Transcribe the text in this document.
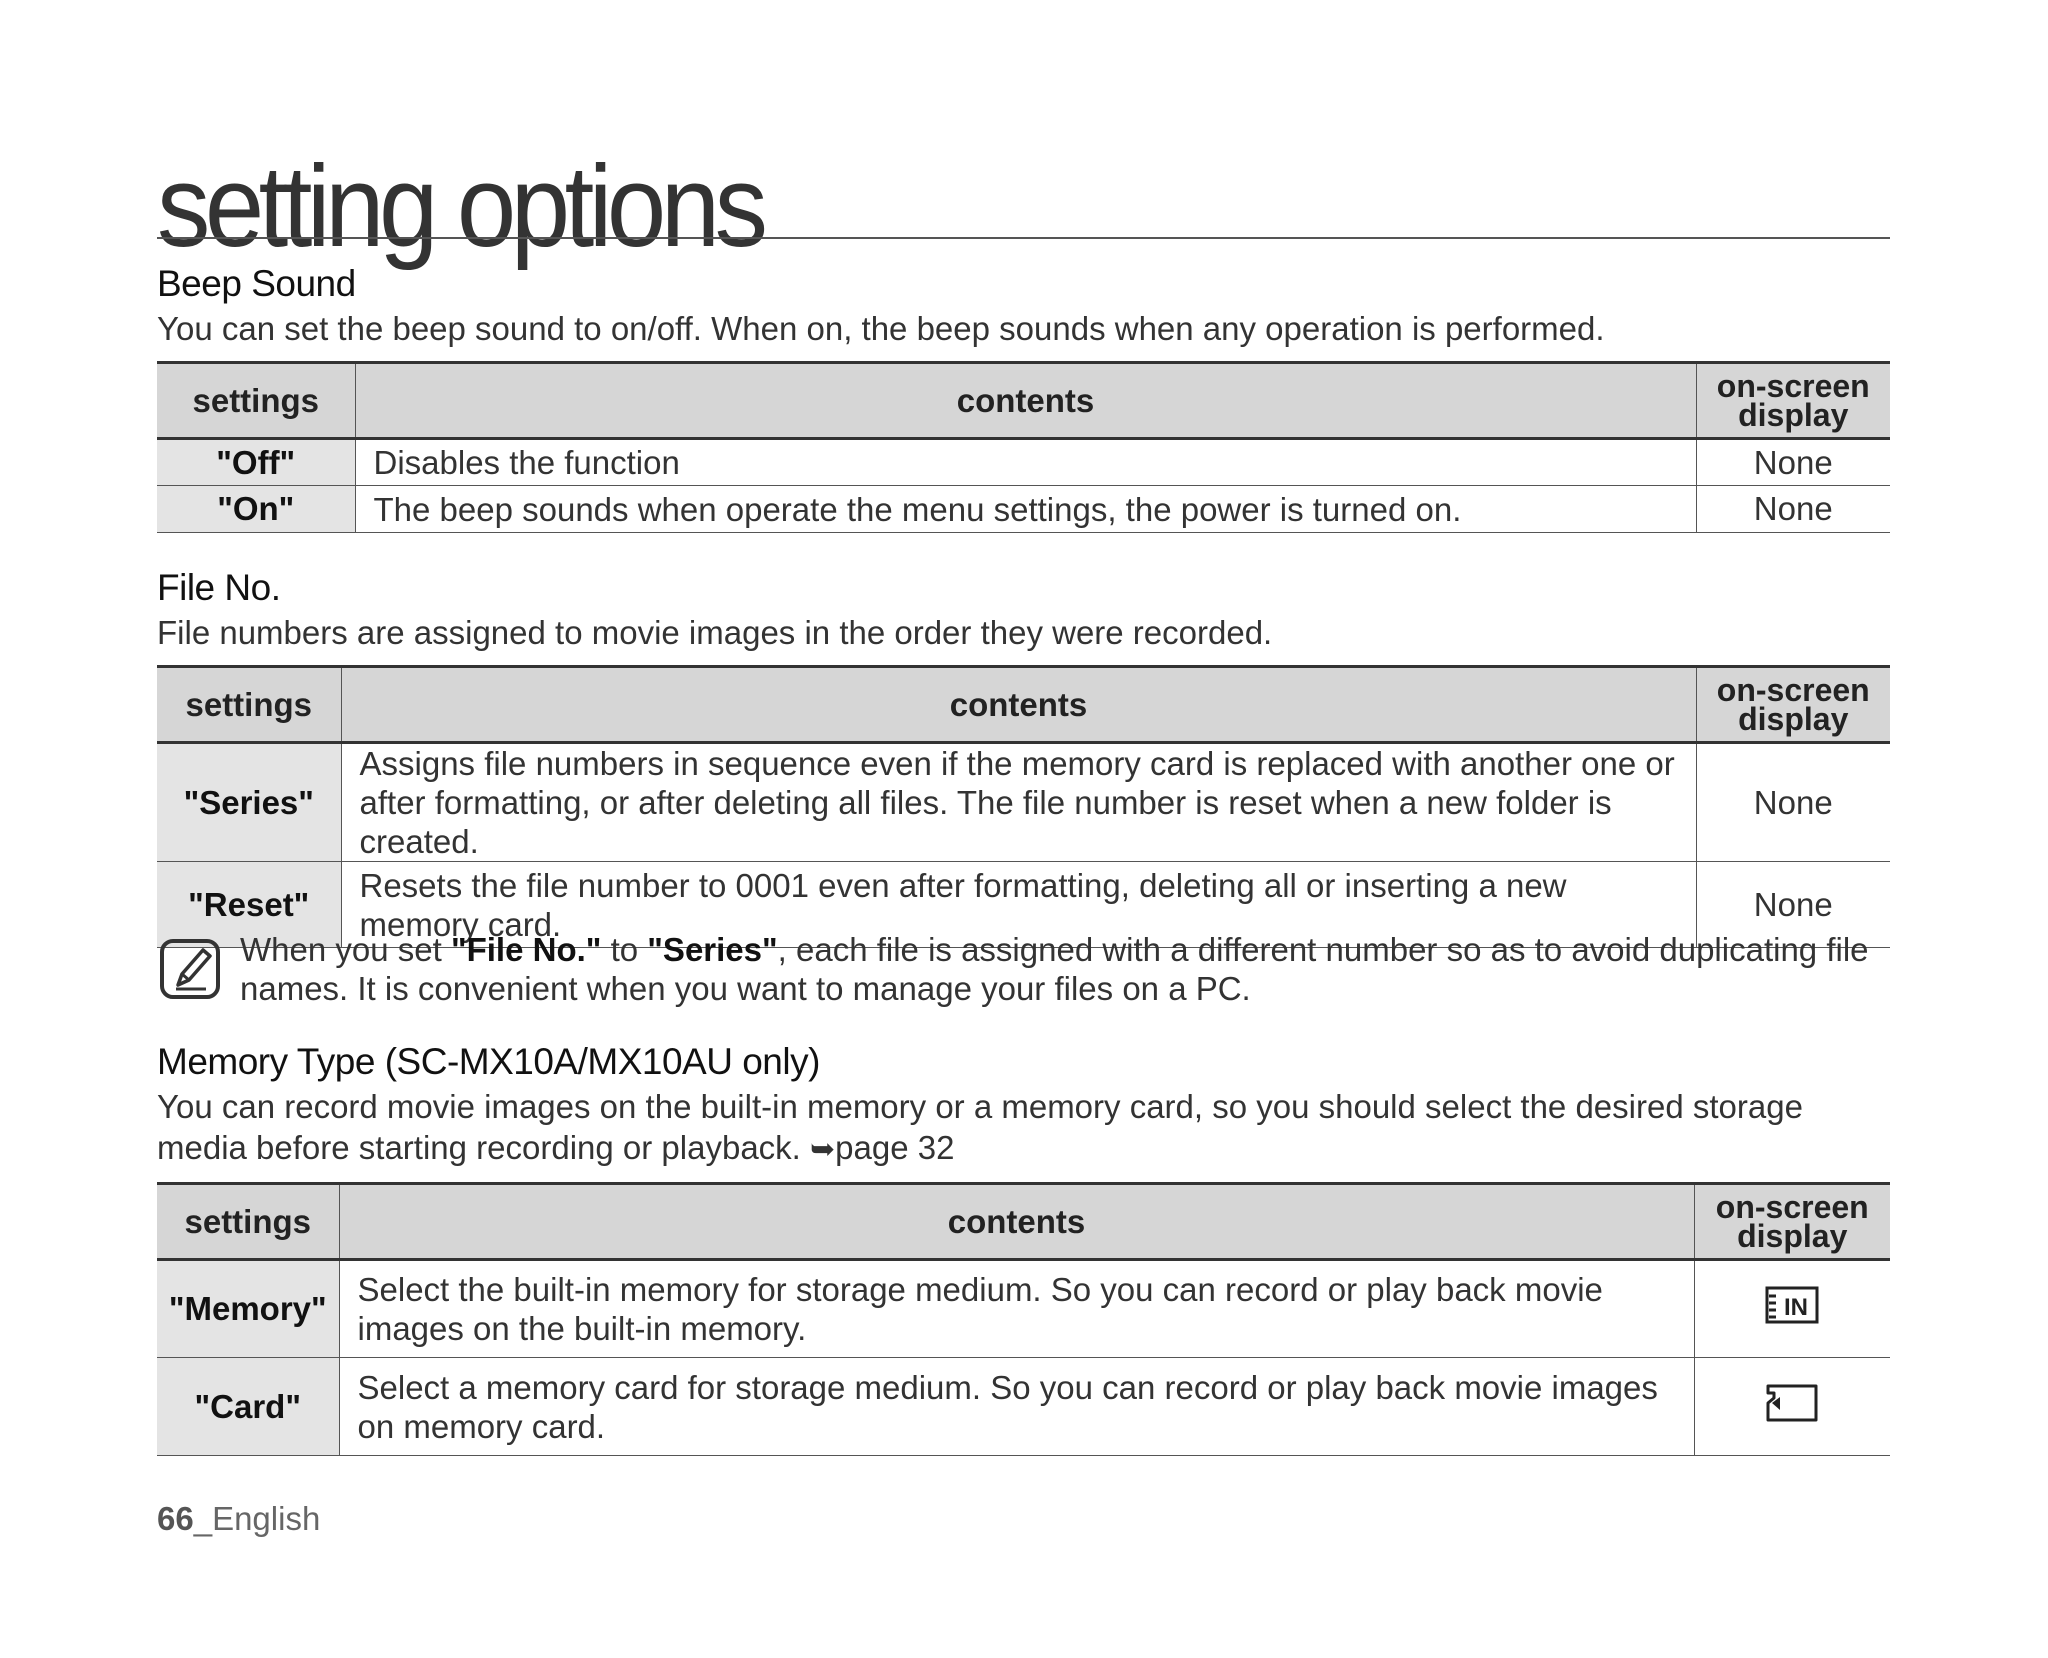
setting options
Beep Sound

You can set the beep sound to on/off. When on, the beep sounds when any operation is performed.

settings	contents	on-screen
display

"Off"	Disables the function	None
"On"	The beep sounds when operate the menu settings, the power is turned on.	None
File No.

File numbers are assigned to movie images in the order they were recorded.

settings	contents	on-screen
display

"Series"	Assigns file numbers in sequence even if the memory card is replaced with another one or after formatting, or after deleting all files. The file number is reset when a new folder is created.	None
"Reset"	Resets the file number to 0001 even after formatting, deleting all or inserting a new memory card.	None
When you set "File No." to "Series", each file is assigned with a different number so as to avoid duplicating file names. It is convenient when you want to manage your files on a PC.
Memory Type (SC-MX10A/MX10AU only)

You can record movie images on the built-in memory or a memory card, so you should select the desired storage media before starting recording or playback. ➥page 32

settings	contents	on-screen
display

"Memory"	Select the built-in memory for storage medium. So you can record or play back movie images on the built-in memory.	IN

"Card"	Select a memory card for storage medium. So you can record or play back movie images on memory card.	
66_English
